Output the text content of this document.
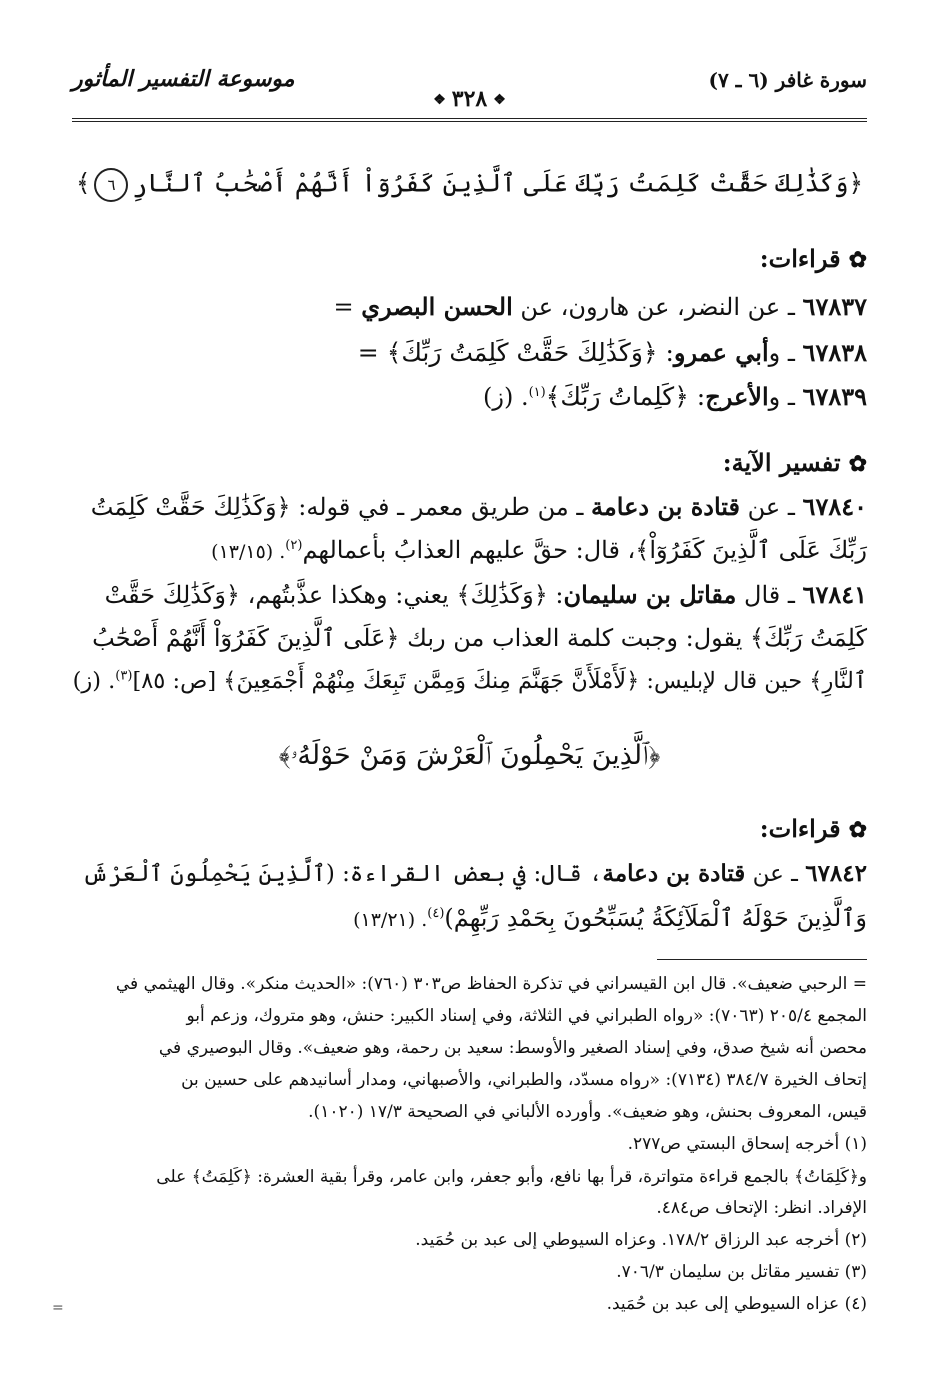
سورة غافر (٦ ـ ٧)
❖ ٣٢٨ ❖
موسوعة التفسير المأثور
﴿وَكَذَٰلِكَ حَقَّتْ كَلِمَتُ رَبِّكَ عَلَى ٱلَّذِينَ كَفَرُوٓاْ أَنَّهُمْ أَصْحَٰبُ ٱلنَّارِ٦﴾
✿قراءات:
٦٧٨٣٧ ـ عن النضر، عن هارون، عن الحسن البصري =
٦٧٨٣٨ ـ وأبي عمرو: ﴿وَكَذَٰلِكَ حَقَّتْ كَلِمَتُ رَبِّكَ﴾ =
٦٧٨٣٩ ـ والأعرج: ﴿كَلِماتُ رَبِّكَ﴾$^{(١)}$. (ز)
✿تفسير الآية:
٦٧٨٤٠ ـ عن قتادة بن دعامة ـ من طريق معمر ـ في قوله: ﴿وَكَذَٰلِكَ حَقَّتْ كَلِمَتُ
رَبِّكَ عَلَى ٱلَّذِينَ كَفَرُوٓاْ﴾، قال: حقَّ عليهم العذابُ بأعمالهم$^{(٢)}$. (١٣/١٥)
٦٧٨٤١ ـ قال مقاتل بن سليمان: ﴿وَكَذَٰلِكَ﴾ يعني: وهكذا عذَّبتُهم، ﴿وَكَذَٰلِكَ حَقَّتْ
كَلِمَتُ رَبِّكَ﴾ يقول: وجبت كلمة العذاب من ربك ﴿عَلَى ٱلَّذِينَ كَفَرُوٓاْ أَنَّهُمْ أَصْحَٰبُ
ٱلنَّارِ﴾ حين قال لإبليس: ﴿لَأَمْلَأَنَّ جَهَنَّمَ مِنكَ وَمِمَّن تَبِعَكَ مِنْهُمْ أَجْمَعِينَ﴾ [ص: ٨٥]$^{(٣)}$. (ز)
﴿ٱلَّذِينَ يَحْمِلُونَ ٱلْعَرْشَ وَمَنْ حَوْلَهُۥ﴾
✿قراءات:
٦٧٨٤٢ ـ عن قتادة بن دعامة، قال: في بعض القراءة: (ٱلَّذِينَ يَحْمِلُونَ ٱلْعَرْشَ
وَٱلَّذِينَ حَوْلَهُ ٱلْمَلَآئِكَةُ يُسَبِّحُونَ بِحَمْدِ رَبِّهِمْ)$^{(٤)}$. (١٣/٢١)
= الرحبي ضعيف». قال ابن القيسراني في تذكرة الحفاظ ص٣٠٣ (٧٦٠): «الحديث منكر». وقال الهيثمي في
المجمع ٢٠٥/٤ (٧٠٦٣): «رواه الطبراني في الثلاثة، وفي إسناد الكبير: حنش، وهو متروك، وزعم أبو
محصن أنه شيخ صدق، وفي إسناد الصغير والأوسط: سعيد بن رحمة، وهو ضعيف». وقال البوصيري في
إتحاف الخيرة ٣٨٤/٧ (٧١٣٤): «رواه مسدّد، والطبراني، والأصبهاني، ومدار أسانيدهم على حسين بن
قيس، المعروف بحنش، وهو ضعيف». وأورده الألباني في الصحيحة ١٧/٣ (١٠٢٠).
(١) أخرجه إسحاق البستي ص٢٧٧.
و﴿كَلِمَاتُ﴾ بالجمع قراءة متواترة، قرأ بها نافع، وأبو جعفر، وابن عامر، وقرأ بقية العشرة: ﴿كَلِمَتُ﴾ على
الإفراد. انظر: الإتحاف ص٤٨٤.
(٢) أخرجه عبد الرزاق ١٧٨/٢. وعزاه السيوطي إلى عبد بن حُمَيد.
(٣) تفسير مقاتل بن سليمان ٧٠٦/٣.
(٤) عزاه السيوطي إلى عبد بن حُمَيد.
=
